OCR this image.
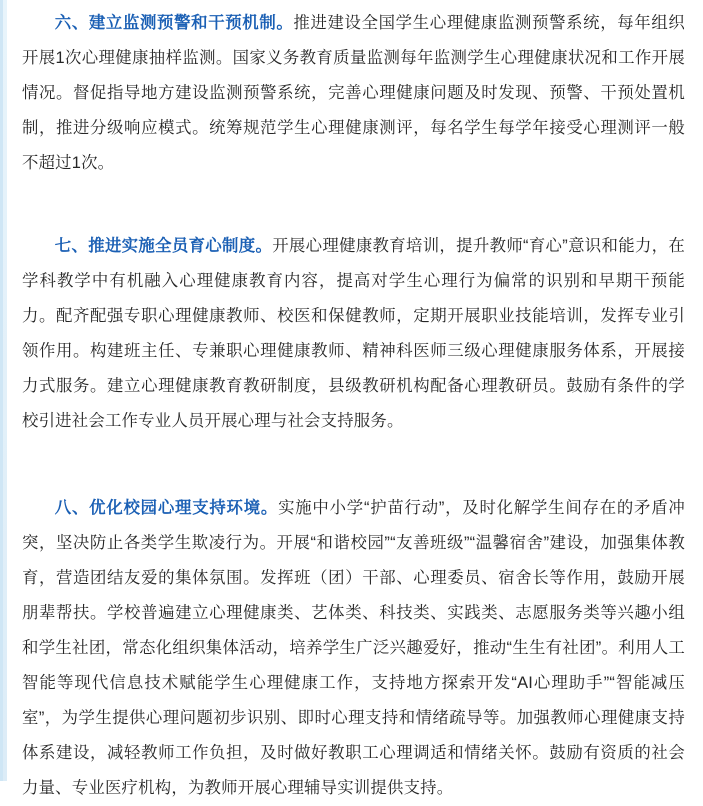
六、建立监测预警和干预机制。推进建设全国学生心理健康监测预警系统，每年组织开展1次心理健康抽样监测。国家义务教育质量监测每年监测学生心理健康状况和工作开展情况。督促指导地方建设监测预警系统，完善心理健康问题及时发现、预警、干预处置机制，推进分级响应模式。统筹规范学生心理健康测评，每名学生每学年接受心理测评一般不超过1次。

七、推进实施全员育心制度。开展心理健康教育培训，提升教师“育心”意识和能力，在学科教学中有机融入心理健康教育内容，提高对学生心理行为偏常的识别和早期干预能力。配齐配强专职心理健康教师、校医和保健教师，定期开展职业技能培训，发挥专业引领作用。构建班主任、专兼职心理健康教师、精神科医师三级心理健康服务体系，开展接力式服务。建立心理健康教育教研制度，县级教研机构配备心理教研员。鼓励有条件的学校引进社会工作专业人员开展心理与社会支持服务。

八、优化校园心理支持环境。实施中小学“护苗行动”，及时化解学生间存在的矛盾冲突，坚决防止各类学生欺凌行为。开展“和谐校园”“友善班级”“温馨宿舍”建设，加强集体教育，营造团结友爱的集体氛围。发挥班（团）干部、心理委员、宿舍长等作用，鼓励开展朋辈帮扶。学校普遍建立心理健康类、艺体类、科技类、实践类、志愿服务类等兴趣小组和学生社团，常态化组织集体活动，培养学生广泛兴趣爱好，推动“生生有社团”。利用人工智能等现代信息技术赋能学生心理健康工作，支持地方探索开发“AI心理助手”“智能减压室”，为学生提供心理问题初步识别、即时心理支持和情绪疏导等。加强教师心理健康支持体系建设，减轻教师工作负担，及时做好教职工心理调适和情绪关怀。鼓励有资质的社会力量、专业医疗机构，为教师开展心理辅导实训提供支持。
